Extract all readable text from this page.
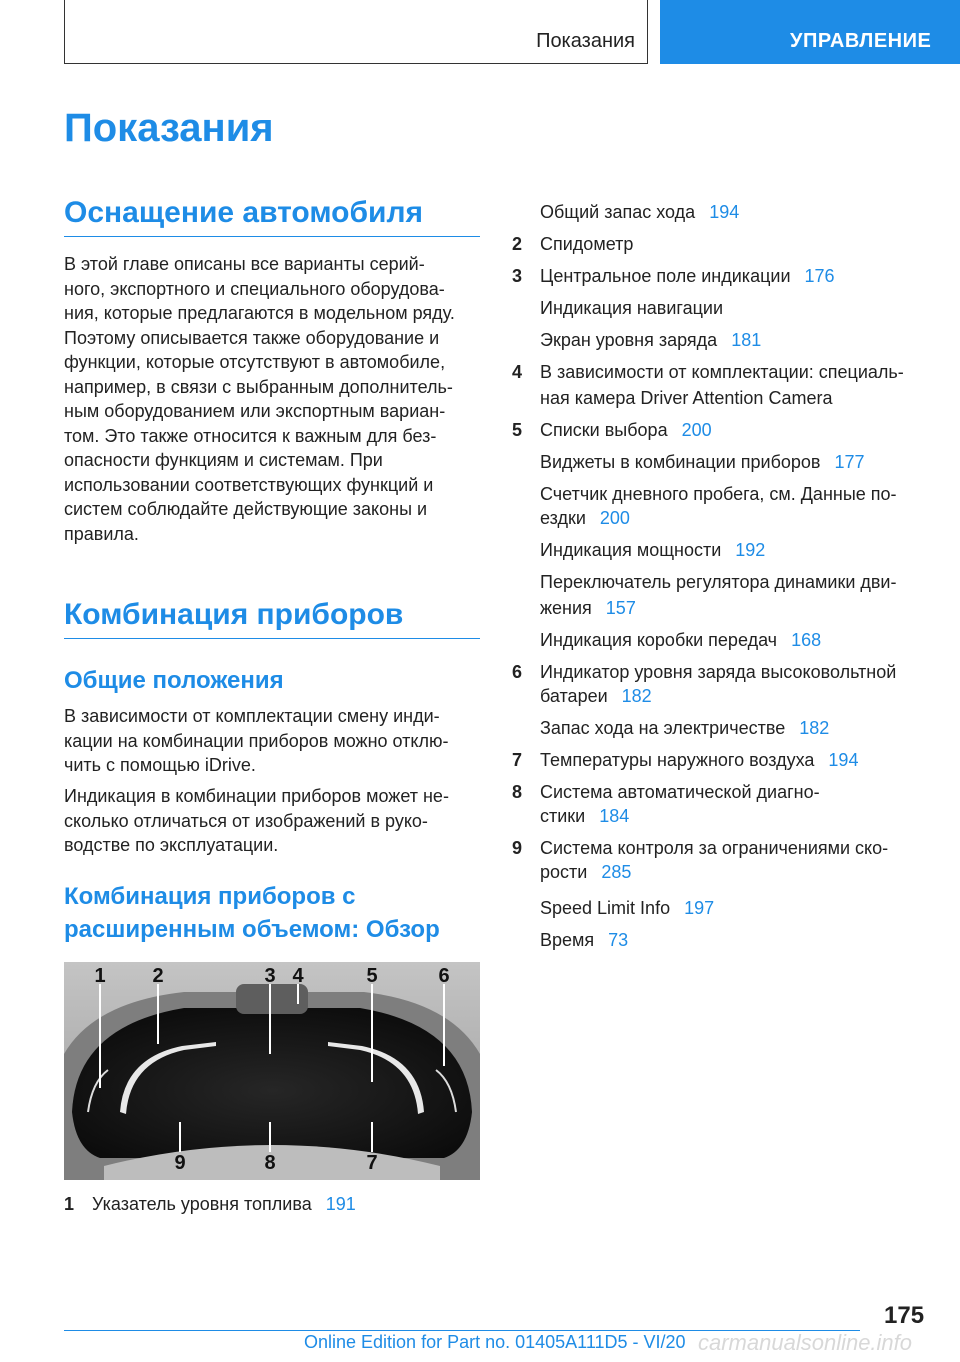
Показания	УПРАВЛЕНИЕ
Показания
Оснащение автомобиля
В этой главе описаны все варианты серий-
ного, экспортного и специального оборудова-
ния, которые предлагаются в модельном ряду.
Поэтому описывается также оборудование и
функции, которые отсутствуют в автомобиле,
например, в связи с выбранным дополнитель-
ным оборудованием или экспортным вариан-
том. Это также относится к важным для без-
опасности функциям и системам. При
использовании соответствующих функций и
систем соблюдайте действующие законы и
правила.
Комбинация приборов
Общие положения
В зависимости от комплектации смену инди-
кации на комбинации приборов можно отклю-
чить с помощью iDrive.
Индикация в комбинации приборов может не-
сколько отличаться от изображений в руко-
водстве по эксплуатации.
Комбинация приборов с
расширенным объемом: Обзор
1 2	3 4	5	6
7
8
9
1 Указатель уровня топлива 191
Общий запас хода 194
2 Спидометр
3 Центральное поле индикации 176
Индикация навигации
Экран уровня заряда 181
4 В зависимости от комплектации: специаль-
ная камера Driver Attention Camera
5 Списки выбора 200
Виджеты в комбинации приборов 177
Счетчик дневного пробега, см. Данные по-
ездки 200
Индикация мощности 192
Переключатель регулятора динамики дви-
жения 157
Индикация коробки передач 168
6 Индикатор уровня заряда высоковольтной
батареи 182
Запас хода на электричестве 182
7 Температуры наружного воздуха 194
8 Система автоматической диагно-
стики 184
9 Система контроля за ограничениями ско-
рости 285
Speed Limit Info 197
Время 73
175
Online Edition for Part no. 01405A111D5 - VI/20 carmanualsonline.info
